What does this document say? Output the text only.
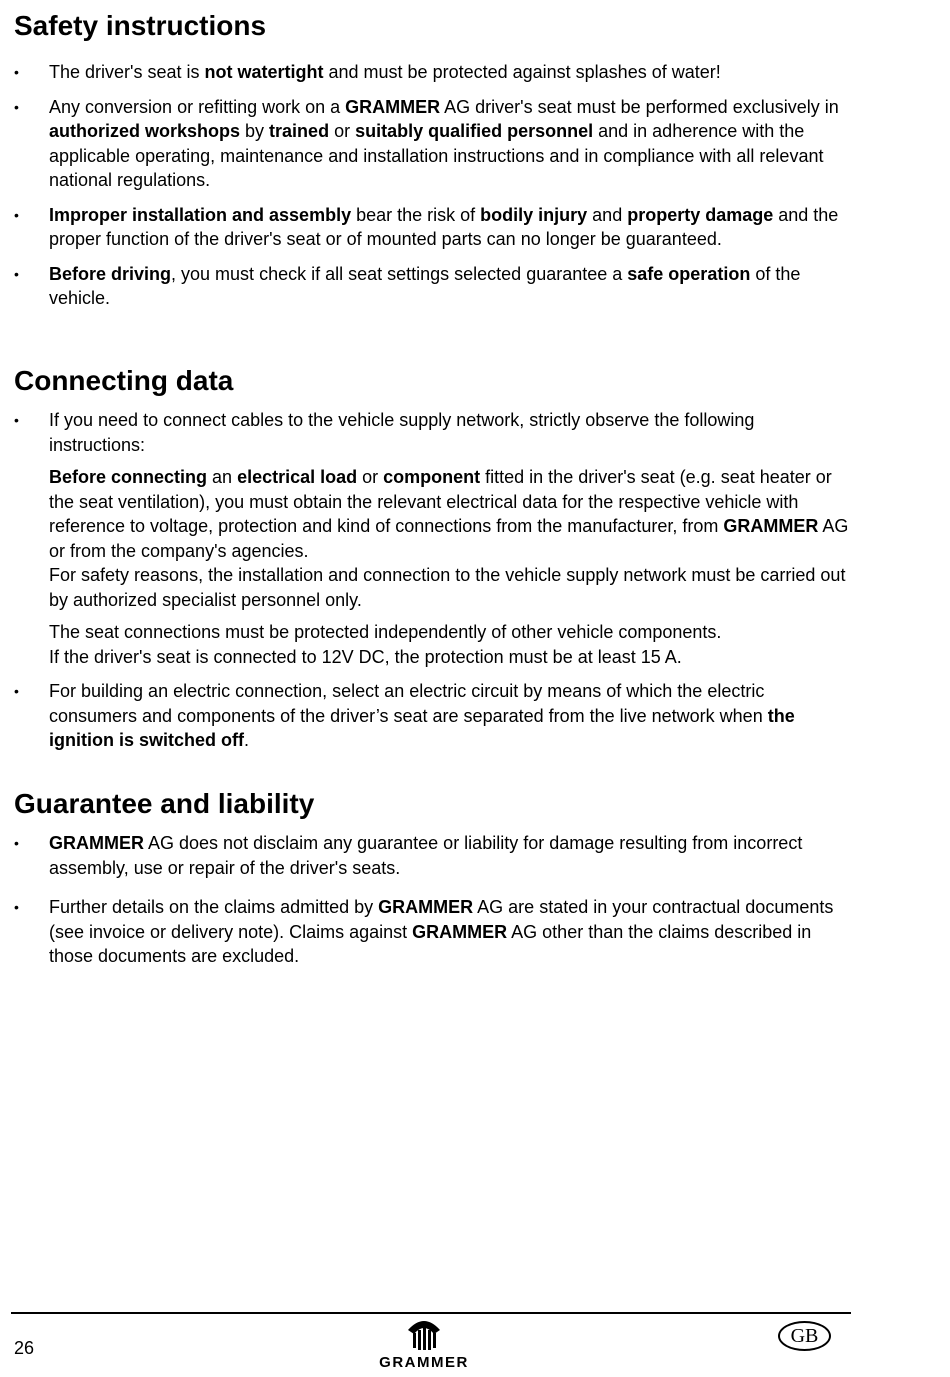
Safety instructions
•	The driver's seat is not watertight and must be protected against splashes of water!

•	Any conversion or refitting work on a GRAMMER AG driver's seat must be performed exclusively in authorized workshops by trained or suitably qualified personnel and in adherence with the applicable operating, maintenance and installation instructions and in compliance with all relevant national regulations.

•	Improper installation and assembly bear the risk of bodily injury and property damage and the proper function of the driver's seat or of mounted parts can no longer be guaranteed.

•	Before driving, you must check if all seat settings selected guarantee a safe operation of the vehicle.

Connecting data
•	If you need to connect cables to the vehicle supply network, strictly observe the following instructions:

Before connecting an electrical load or component fitted in the driver's seat (e.g. seat heater or the seat ventilation), you must obtain the relevant electrical data for the respective vehicle with reference to voltage, protection and kind of connections from the manufacturer, from GRAMMER AG or from the company's agencies.
For safety reasons, the installation and connection to the vehicle supply network must be carried out by authorized specialist personnel only.

The seat connections must be protected independently of other vehicle components.
If the driver's seat is connected to 12V DC, the protection must be at least 15 A.

•	For building an electric connection, select an electric circuit by means of which the electric consumers and components of the driver’s seat are separated from the live network when the ignition is switched off.

Guarantee and liability
•	GRAMMER AG does not disclaim any guarantee or liability for damage resulting from incorrect assembly, use or repair of the driver's seats.

•	Further details on the claims admitted by GRAMMER AG are stated in your contractual documents (see invoice or delivery note). Claims against GRAMMER AG other than the claims described in those documents are excluded.

26
GRAMMER
GB
